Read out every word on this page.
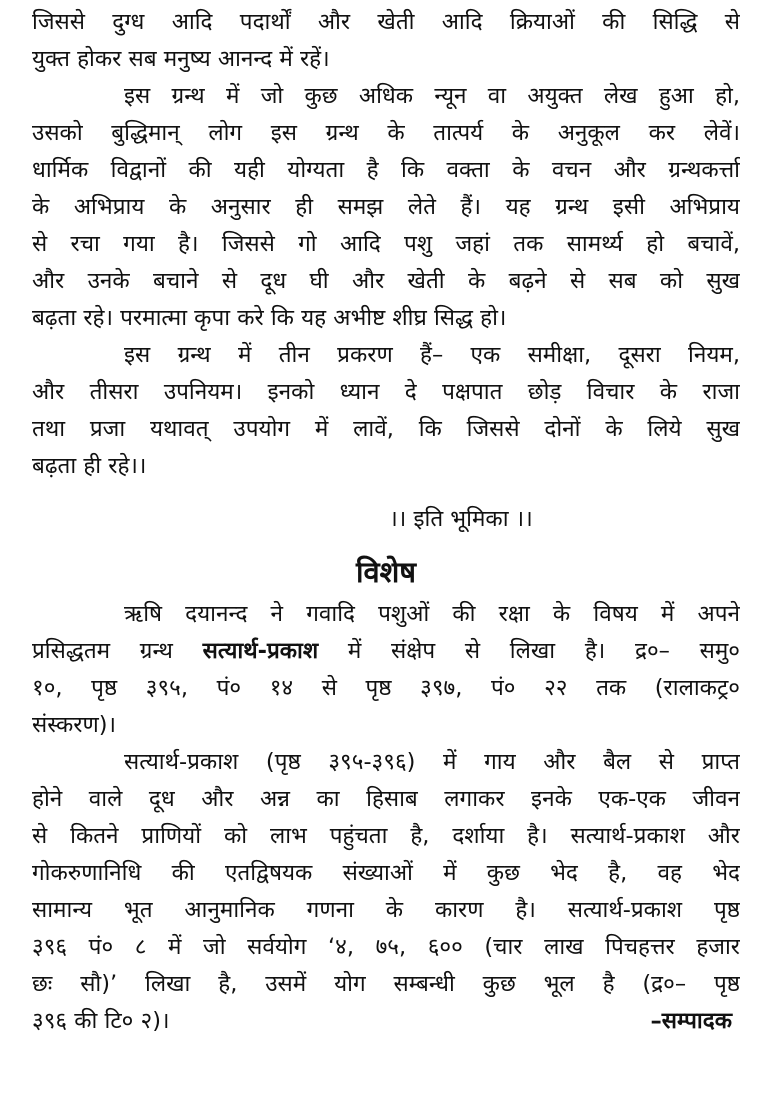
जिससे दुग्ध आदि पदार्थों और खेती आदि क्रियाओं की सिद्धि से
युक्त होकर सब मनुष्य आनन्द में रहें।
इस ग्रन्थ में जो कुछ अधिक न्यून वा अयुक्त लेख हुआ हो,
उसको बुद्धिमान् लोग इस ग्रन्थ के तात्पर्य के अनुकूल कर लेवें।
धार्मिक विद्वानों की यही योग्यता है कि वक्ता के वचन और ग्रन्थकर्त्ता
के अभिप्राय के अनुसार ही समझ लेते हैं। यह ग्रन्थ इसी अभिप्राय
से रचा गया है। जिससे गो आदि पशु जहां तक सामर्थ्य हो बचावें,
और उनके बचाने से दूध घी और खेती के बढ़ने से सब को सुख
बढ़ता रहे। परमात्मा कृपा करे कि यह अभीष्ट शीघ्र सिद्ध हो।
इस ग्रन्थ में तीन प्रकरण हैं– एक समीक्षा, दूसरा नियम,
और तीसरा उपनियम। इनको ध्यान दे पक्षपात छोड़ विचार के राजा
तथा प्रजा यथावत् उपयोग में लावें, कि जिससे दोनों के लिये सुख
बढ़ता ही रहे।।
।। इति भूमिका ।।
विशेष
ऋषि दयानन्द ने गवादि पशुओं की रक्षा के विषय में अपने
प्रसिद्धतम ग्रन्थ सत्यार्थ-प्रकाश में संक्षेप से लिखा है। द्र०– समु०
१०, पृष्ठ ३९५, पं० १४ से पृष्ठ ३९७, पं० २२ तक (रालाकट्र०
संस्करण)।
सत्यार्थ-प्रकाश (पृष्ठ ३९५-३९६) में गाय और बैल से प्राप्त
होने वाले दूध और अन्न का हिसाब लगाकर इनके एक-एक जीवन
से कितने प्राणियों को लाभ पहुंचता है, दर्शाया है। सत्यार्थ-प्रकाश और
गोकरुणानिधि की एतद्विषयक संख्याओं में कुछ भेद है, वह भेद
सामान्य भूत आनुमानिक गणना के कारण है। सत्यार्थ-प्रकाश पृष्ठ
३९६ पं० ८ में जो सर्वयोग ‘४, ७५, ६०० (चार लाख पिचहत्तर हजार
छः सौ)’ लिखा है, उसमें योग सम्बन्धी कुछ भूल है (द्र०– पृष्ठ
३९६ की टि० २)।	–सम्पादक
